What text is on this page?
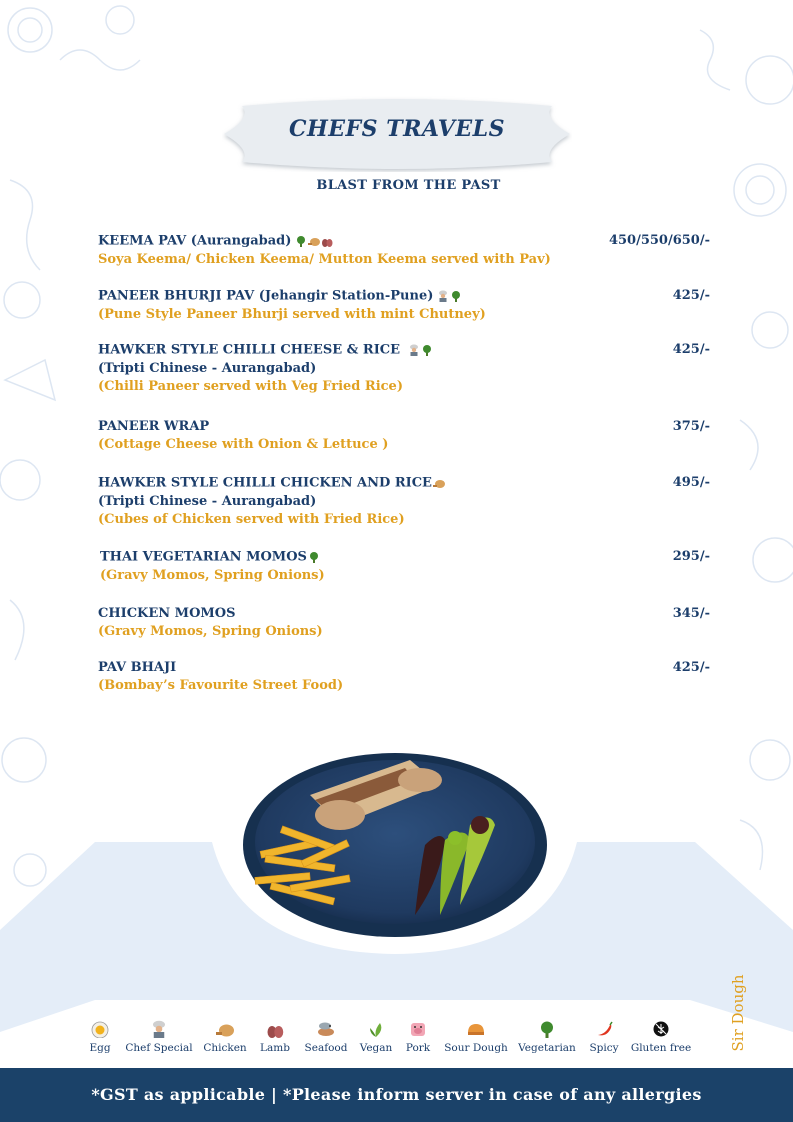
CHEFS TRAVELS
BLAST FROM THE PAST
KEEMA PAV (Aurangabad)
Soya Keema/ Chicken Keema/ Mutton Keema served with Pav)
450/550/650/-
PANEER BHURJI PAV (Jehangir Station-Pune)
(Pune Style Paneer Bhurji served with mint Chutney)
425/-
HAWKER STYLE CHILLI CHEESE & RICE
(Tripti Chinese - Aurangabad)
(Chilli Paneer served with Veg Fried Rice)
425/-
PANEER WRAP
(Cottage Cheese with Onion & Lettuce )
375/-
HAWKER STYLE CHILLI CHICKEN AND RICE
(Tripti Chinese - Aurangabad)
(Cubes of Chicken served with Fried Rice)
495/-
THAI VEGETARIAN MOMOS
(Gravy Momos, Spring Onions)
295/-
CHICKEN MOMOS
(Gravy Momos, Spring Onions)
345/-
PAV BHAJI
(Bombay’s Favourite Street Food)
425/-
Egg	Chef Special	Chicken	Lamb	Seafood	Vegan	Pork	Sour Dough Vegetarian	Spicy	Gluten free	Sir Dough
*GST as applicable | *Please inform server in case of any allergies
